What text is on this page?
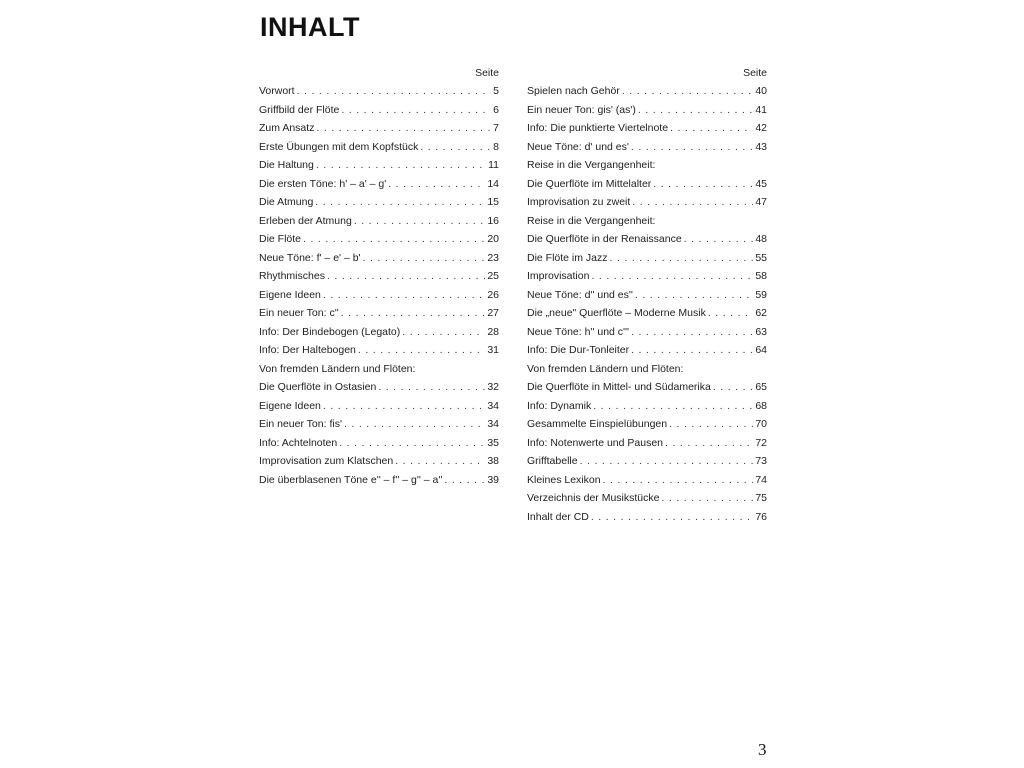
INHALT
Seite
Vorwort . . .	5
Griffbild der Flöte . . .	6
Zum Ansatz . . .	7
Erste Übungen mit dem Kopfstück . . .	8
Die Haltung . . .	11
Die ersten Töne: h' – a' – g' . . .	14
Die Atmung . . .	15
Erleben der Atmung . . .	16
Die Flöte . . .	20
Neue Töne: f' – e' – b' . . .	23
Rhythmisches . . .	25
Eigene Ideen . . .	26
Ein neuer Ton: c'' . . .	27
Info: Der Bindebogen (Legato) . . .	28
Info: Der Haltebogen . . .	31
Von fremden Ländern und Flöten:
Die Querflöte in Ostasien . . .	32
Eigene Ideen . . .	34
Ein neuer Ton: fis' . . .	34
Info: Achtelnoten . . .	35
Improvisation zum Klatschen . . .	38
Die überblasenen Töne e'' – f'' – g'' – a'' . . .	39
Seite
Spielen nach Gehör . . .	40
Ein neuer Ton: gis' (as') . . .	41
Info: Die punktierte Viertelnote . . .	42
Neue Töne: d' und es' . . .	43
Reise in die Vergangenheit:
Die Querflöte im Mittelalter . . .	45
Improvisation zu zweit . . .	47
Reise in die Vergangenheit:
Die Querflöte in der Renaissance . . .	48
Die Flöte im Jazz . . .	55
Improvisation . . .	58
Neue Töne: d'' und es'' . . .	59
Die „neue" Querflöte – Moderne Musik . . .	62
Neue Töne: h'' und c''' . . .	63
Info: Die Dur-Tonleiter . . .	64
Von fremden Ländern und Flöten:
Die Querflöte in Mittel- und Südamerika . . .	65
Info: Dynamik . . .	68
Gesammelte Einspielübungen . . .	70
Info: Notenwerte und Pausen . . .	72
Grifftabelle . . .	73
Kleines Lexikon . . .	74
Verzeichnis der Musikstücke . . .	75
Inhalt der CD . . .	76
3
